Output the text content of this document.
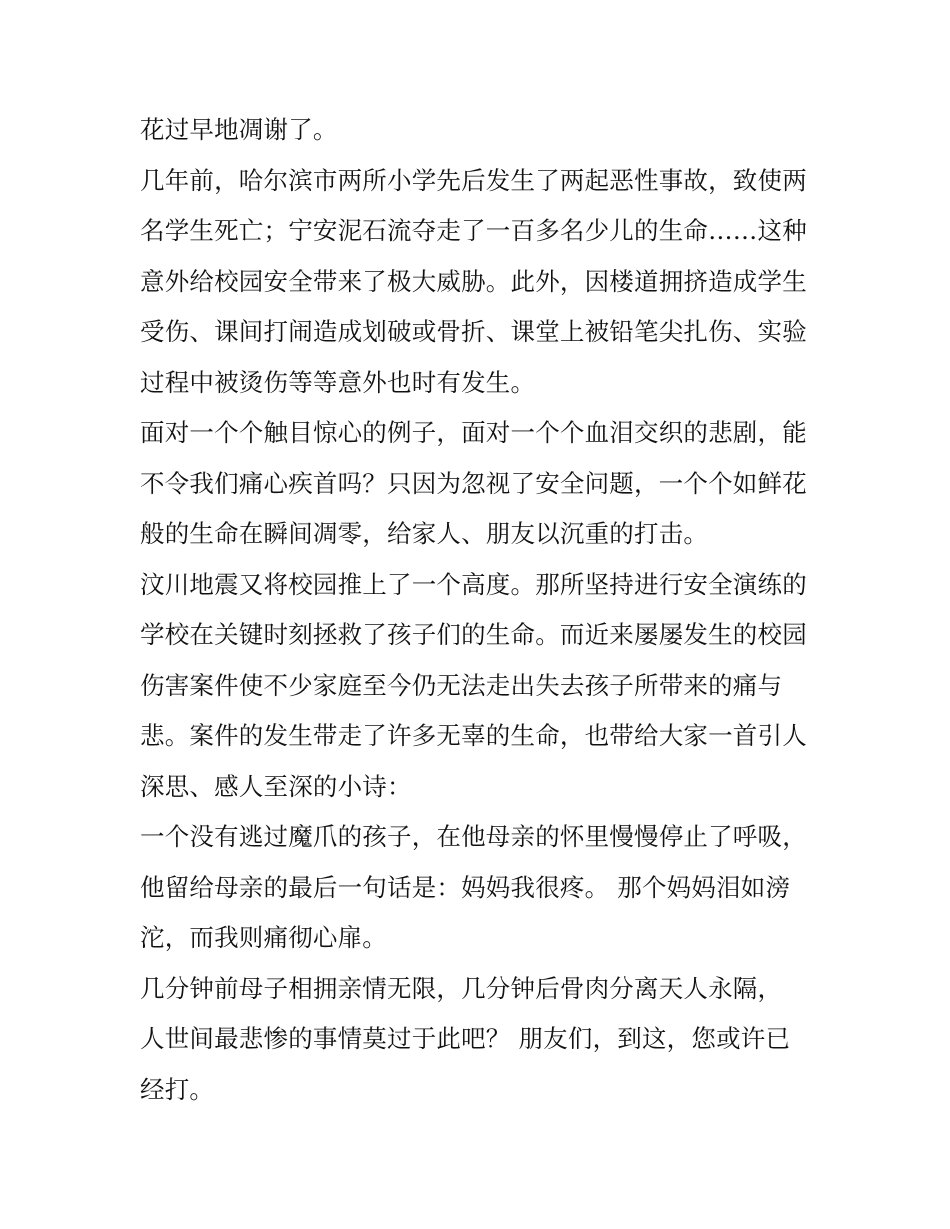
花过早地凋谢了。
几年前，哈尔滨市两所小学先后发生了两起恶性事故，致使两
名学生死亡；宁安泥石流夺走了一百多名少儿的生命……这种
意外给校园安全带来了极大威胁。此外，因楼道拥挤造成学生
受伤、课间打闹造成划破或骨折、课堂上被铅笔尖扎伤、实验
过程中被烫伤等等意外也时有发生。
面对一个个触目惊心的例子，面对一个个血泪交织的悲剧，能
不令我们痛心疾首吗？只因为忽视了安全问题，一个个如鲜花
般的生命在瞬间凋零，给家人、朋友以沉重的打击。
汶川地震又将校园推上了一个高度。那所坚持进行安全演练的
学校在关键时刻拯救了孩子们的生命。而近来屡屡发生的校园
伤害案件使不少家庭至今仍无法走出失去孩子所带来的痛与
悲。案件的发生带走了许多无辜的生命，也带给大家一首引人
深思、感人至深的小诗：
一个没有逃过魔爪的孩子，在他母亲的怀里慢慢停止了呼吸，
他留给母亲的最后一句话是：妈妈我很疼。 那个妈妈泪如滂
沱，而我则痛彻心扉。
几分钟前母子相拥亲情无限，几分钟后骨肉分离天人永隔，
人世间最悲惨的事情莫过于此吧？ 朋友们，到这，您或许已
经打。
